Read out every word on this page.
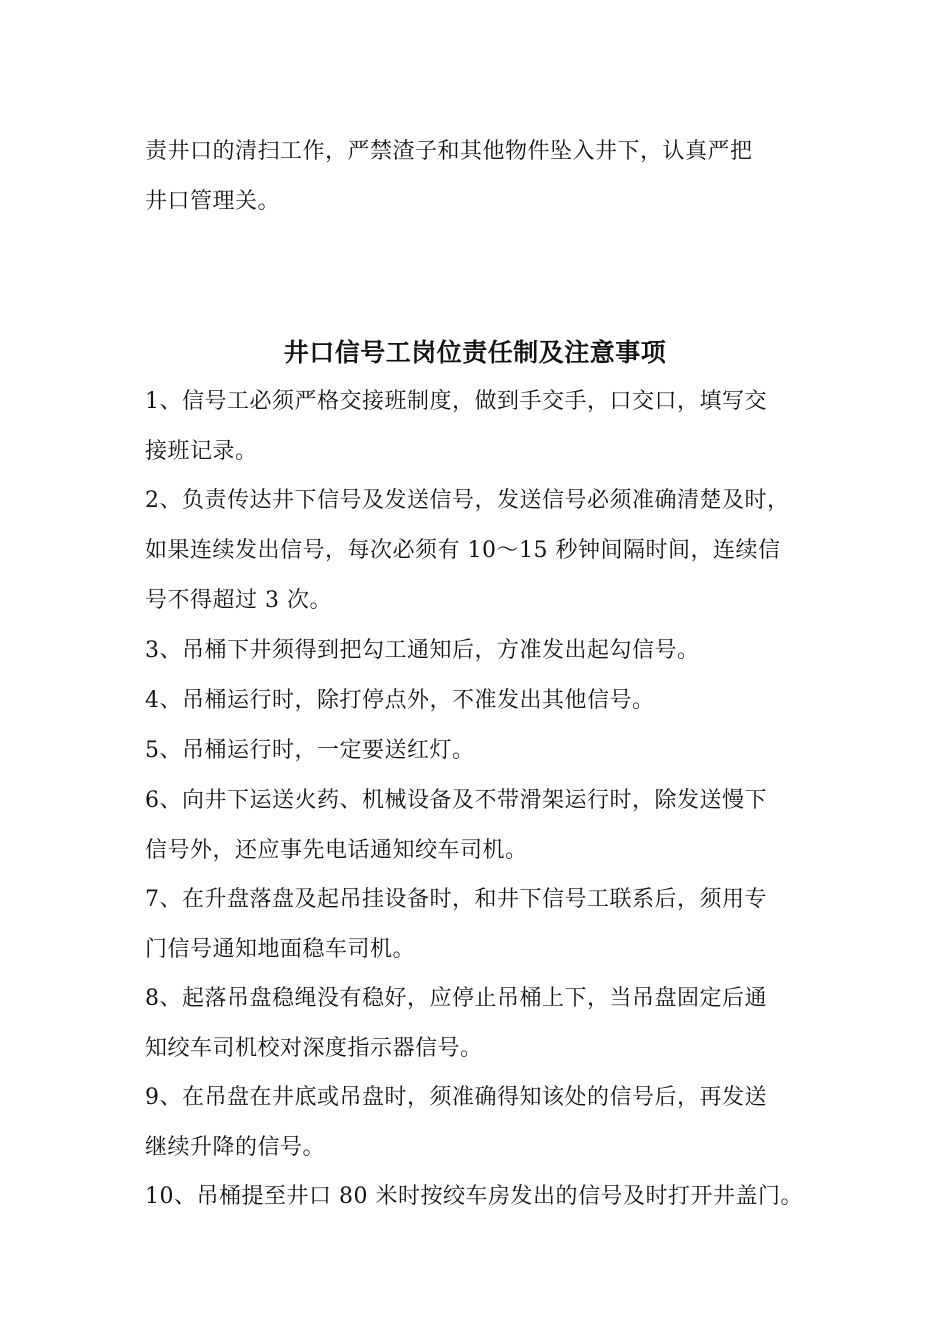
责井口的清扫工作，严禁渣子和其他物件坠入井下，认真严把
井口管理关。

井口信号工岗位责任制及注意事项

1、信号工必须严格交接班制度，做到手交手，口交口，填写交
接班记录。

2、负责传达井下信号及发送信号，发送信号必须准确清楚及时，
如果连续发出信号，每次必须有 10～15 秒钟间隔时间，连续信
号不得超过 3 次。

3、吊桶下井须得到把勾工通知后，方准发出起勾信号。

4、吊桶运行时，除打停点外，不准发出其他信号。

5、吊桶运行时，一定要送红灯。

6、向井下运送火药、机械设备及不带滑架运行时，除发送慢下
信号外，还应事先电话通知绞车司机。

7、在升盘落盘及起吊挂设备时，和井下信号工联系后，须用专
门信号通知地面稳车司机。

8、起落吊盘稳绳没有稳好，应停止吊桶上下，当吊盘固定后通
知绞车司机校对深度指示器信号。

9、在吊盘在井底或吊盘时，须准确得知该处的信号后，再发送
继续升降的信号。

10、吊桶提至井口 80 米时按绞车房发出的信号及时打开井盖门。
